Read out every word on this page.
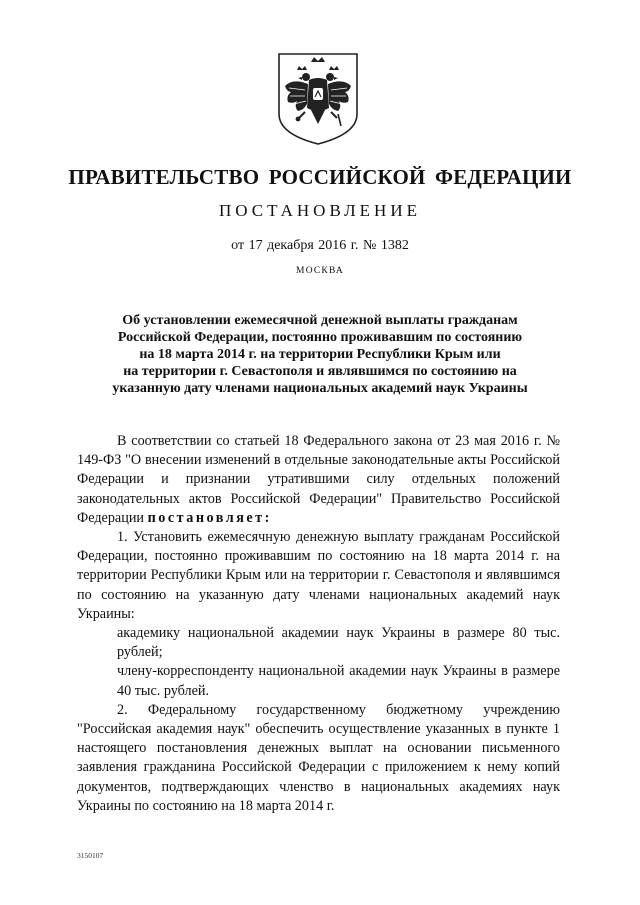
ПРАВИТЕЛЬСТВО РОССИЙСКОЙ ФЕДЕРАЦИИ
ПОСТАНОВЛЕНИЕ
от 17 декабря 2016 г. № 1382
МОСКВА
Об установлении ежемесячной денежной выплаты гражданам
Российской Федерации, постоянно проживавшим по состоянию
на 18 марта 2014 г. на территории Республики Крым или
на территории г. Севастополя и являвшимся по состоянию на
указанную дату членами национальных академий наук Украины
В соответствии со статьей 18 Федерального закона от 23 мая 2016 г. № 149-ФЗ "О внесении изменений в отдельные законодательные акты Российской Федерации и признании утратившими силу отдельных положений законодательных актов Российской Федерации" Правительство Российской Федерации постановляет:
1. Установить ежемесячную денежную выплату гражданам Российской Федерации, постоянно проживавшим по состоянию на 18 марта 2014 г. на территории Республики Крым или на территории г. Севастополя и являвшимся по состоянию на указанную дату членами национальных академий наук Украины:
академику национальной академии наук Украины в размере 80 тыс. рублей;
члену-корреспонденту национальной академии наук Украины в размере 40 тыс. рублей.
2. Федеральному государственному бюджетному учреждению "Российская академия наук" обеспечить осуществление указанных в пункте 1 настоящего постановления денежных выплат на основании письменного заявления гражданина Российской Федерации с приложением к нему копий документов, подтверждающих членство в национальных академиях наук Украины по состоянию на 18 марта 2014 г.
3150107
